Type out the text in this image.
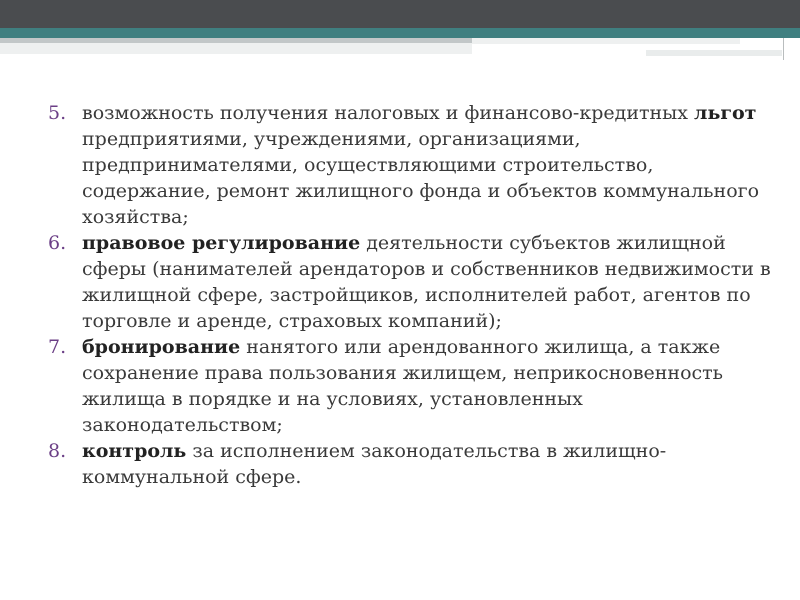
5. возможность получения налоговых и финансово-кредитных льгот предприятиями, учреждениями, организациями, предпринимателями, осуществляющими строительство, содержание, ремонт жилищного фонда и объектов коммунального хозяйства;
6. правовое регулирование деятельности субъектов жилищной сферы (нанимателей арендаторов и собственников недвижимости в жилищной сфере, застройщиков, исполнителей работ, агентов по торговле и аренде, страховых компаний);
7. бронирование нанятого или арендованного жилища, а также сохранение права пользования жилищем, неприкосновенность жилища в порядке и на условиях, установленных законодательством;
8. контроль за исполнением законодательства в жилищно-коммунальной сфере.
